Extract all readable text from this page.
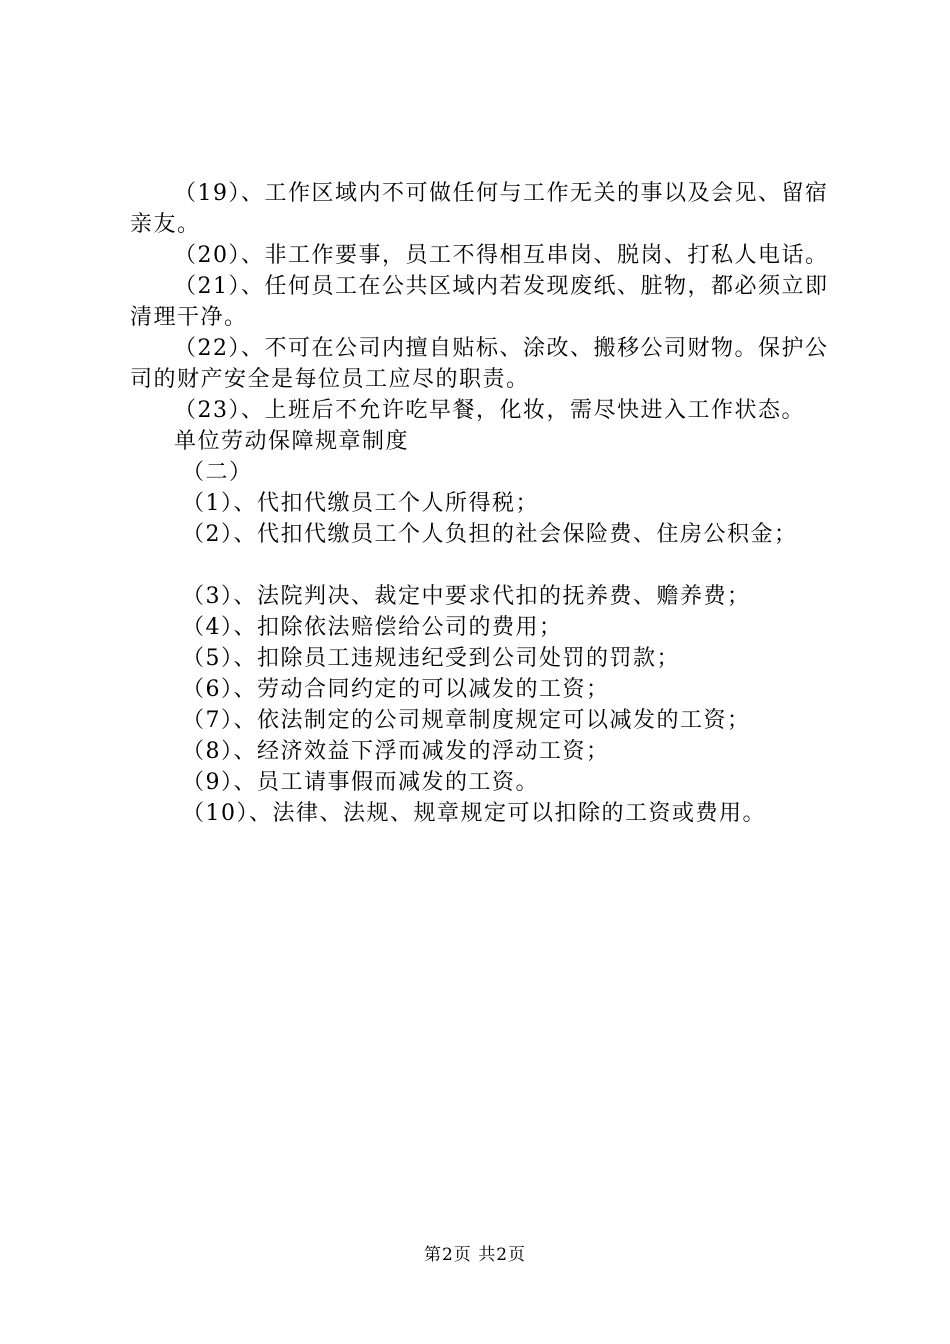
（19）、工作区域内不可做任何与工作无关的事以及会见、留宿亲友。

（20）、非工作要事，员工不得相互串岗、脱岗、打私人电话。

（21）、任何员工在公共区域内若发现废纸、脏物，都必须立即清理干净。

（22）、不可在公司内擅自贴标、涂改、搬移公司财物。保护公司的财产安全是每位员工应尽的职责。

（23）、上班后不允许吃早餐，化妆，需尽快进入工作状态。

单位劳动保障规章制度

（二）

（1）、代扣代缴员工个人所得税；

（2）、代扣代缴员工个人负担的社会保险费、住房公积金；

（3）、法院判决、裁定中要求代扣的抚养费、赡养费；

（4）、扣除依法赔偿给公司的费用；

（5）、扣除员工违规违纪受到公司处罚的罚款；

（6）、劳动合同约定的可以减发的工资；

（7）、依法制定的公司规章制度规定可以减发的工资；

（8）、经济效益下浮而减发的浮动工资；

（9）、员工请事假而减发的工资。

（10）、法律、法规、规章规定可以扣除的工资或费用。

第2页 共2页
